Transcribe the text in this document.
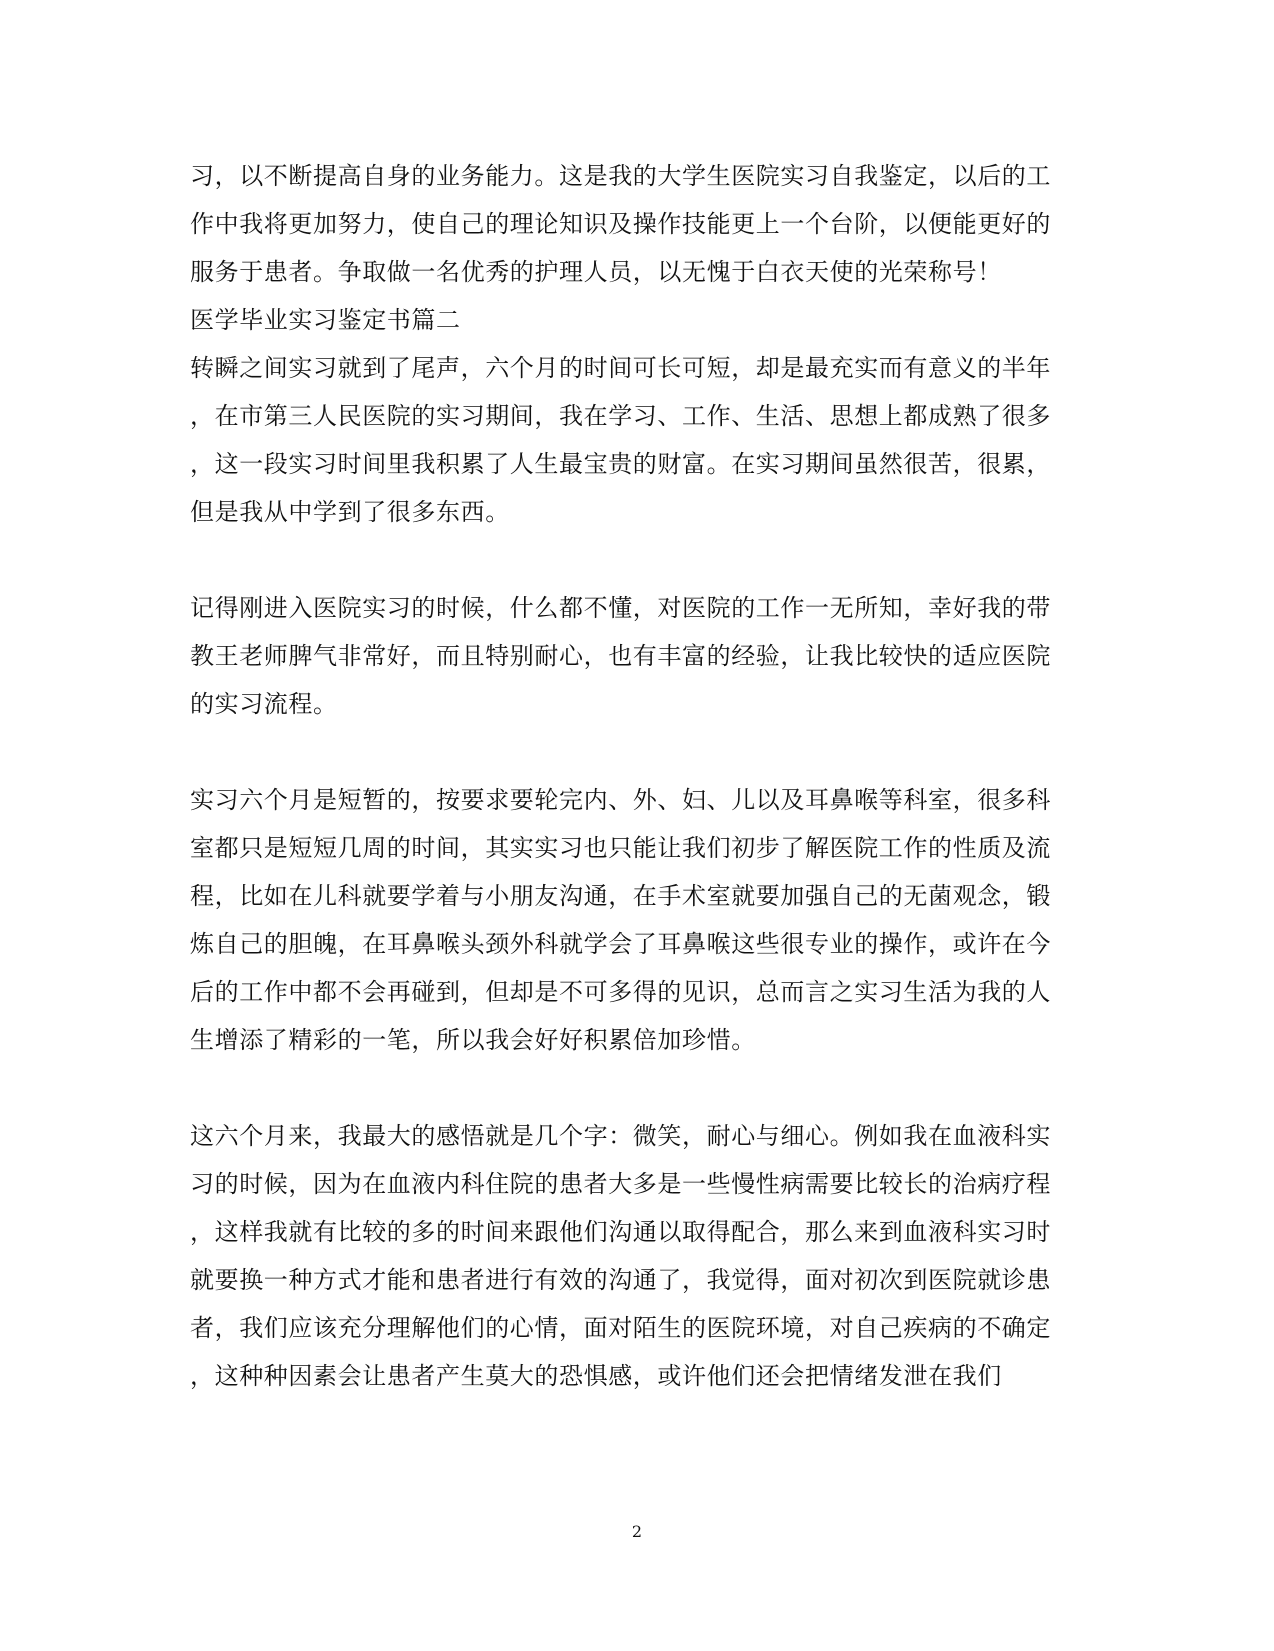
习，以不断提高自身的业务能力。这是我的大学生医院实习自我鉴定，以后的工
作中我将更加努力，使自己的理论知识及操作技能更上一个台阶，以便能更好的
服务于患者。争取做一名优秀的护理人员，以无愧于白衣天使的光荣称号！
医学毕业实习鉴定书篇二
转瞬之间实习就到了尾声，六个月的时间可长可短，却是最充实而有意义的半年
，在市第三人民医院的实习期间，我在学习、工作、生活、思想上都成熟了很多
，这一段实习时间里我积累了人生最宝贵的财富。在实习期间虽然很苦，很累，
但是我从中学到了很多东西。
记得刚进入医院实习的时候，什么都不懂，对医院的工作一无所知，幸好我的带
教王老师脾气非常好，而且特别耐心，也有丰富的经验，让我比较快的适应医院
的实习流程。
实习六个月是短暂的，按要求要轮完内、外、妇、儿以及耳鼻喉等科室，很多科
室都只是短短几周的时间，其实实习也只能让我们初步了解医院工作的性质及流
程，比如在儿科就要学着与小朋友沟通，在手术室就要加强自己的无菌观念，锻
炼自己的胆魄，在耳鼻喉头颈外科就学会了耳鼻喉这些很专业的操作，或许在今
后的工作中都不会再碰到，但却是不可多得的见识，总而言之实习生活为我的人
生增添了精彩的一笔，所以我会好好积累倍加珍惜。
这六个月来，我最大的感悟就是几个字：微笑，耐心与细心。例如我在血液科实
习的时候，因为在血液内科住院的患者大多是一些慢性病需要比较长的治病疗程
，这样我就有比较的多的时间来跟他们沟通以取得配合，那么来到血液科实习时
就要换一种方式才能和患者进行有效的沟通了，我觉得，面对初次到医院就诊患
者，我们应该充分理解他们的心情，面对陌生的医院环境，对自己疾病的不确定
，这种种因素会让患者产生莫大的恐惧感，或许他们还会把情绪发泄在我们
2
